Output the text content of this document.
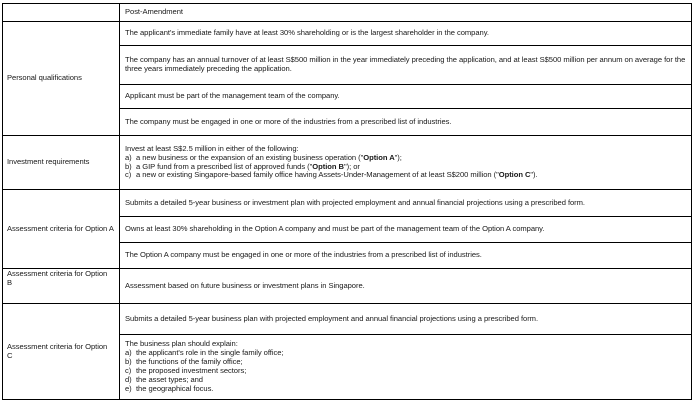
	Post-Amendment
Personal qualifications	The applicant's immediate family have at least 30% shareholding or is the largest shareholder in the company.
	The company has an annual turnover of at least S$500 million in the year immediately preceding the application, and at least S$500 million per annum on average for the three years immediately preceding the application.
	Applicant must be part of the management team of the company.
	The company must be engaged in one or more of the industries from a prescribed list of industries.
Investment requirements	Invest at least S$2.5 million in either of the following:
a) a new business or the expansion of an existing business operation ("Option A");
b) a GIP fund from a prescribed list of approved funds ("Option B"); or
c) a new or existing Singapore-based family office having Assets-Under-Management of at least S$200 million ("Option C").

Assessment criteria for Option A	Submits a detailed 5-year business or investment plan with projected employment and annual financial projections using a prescribed form.
	Owns at least 30% shareholding in the Option A company and must be part of the management team of the Option A company.
	The Option A company must be engaged in one or more of the industries from a prescribed list of industries.
Assessment criteria for Option B	Assessment based on future business or investment plans in Singapore.
Assessment criteria for Option C	Submits a detailed 5-year business plan with projected employment and annual financial projections using a prescribed form.

The business plan should explain:
a) the applicant's role in the single family office;
b) the functions of the family office;
c) the proposed investment sectors;
d) the asset types; and
e) the geographical focus.
